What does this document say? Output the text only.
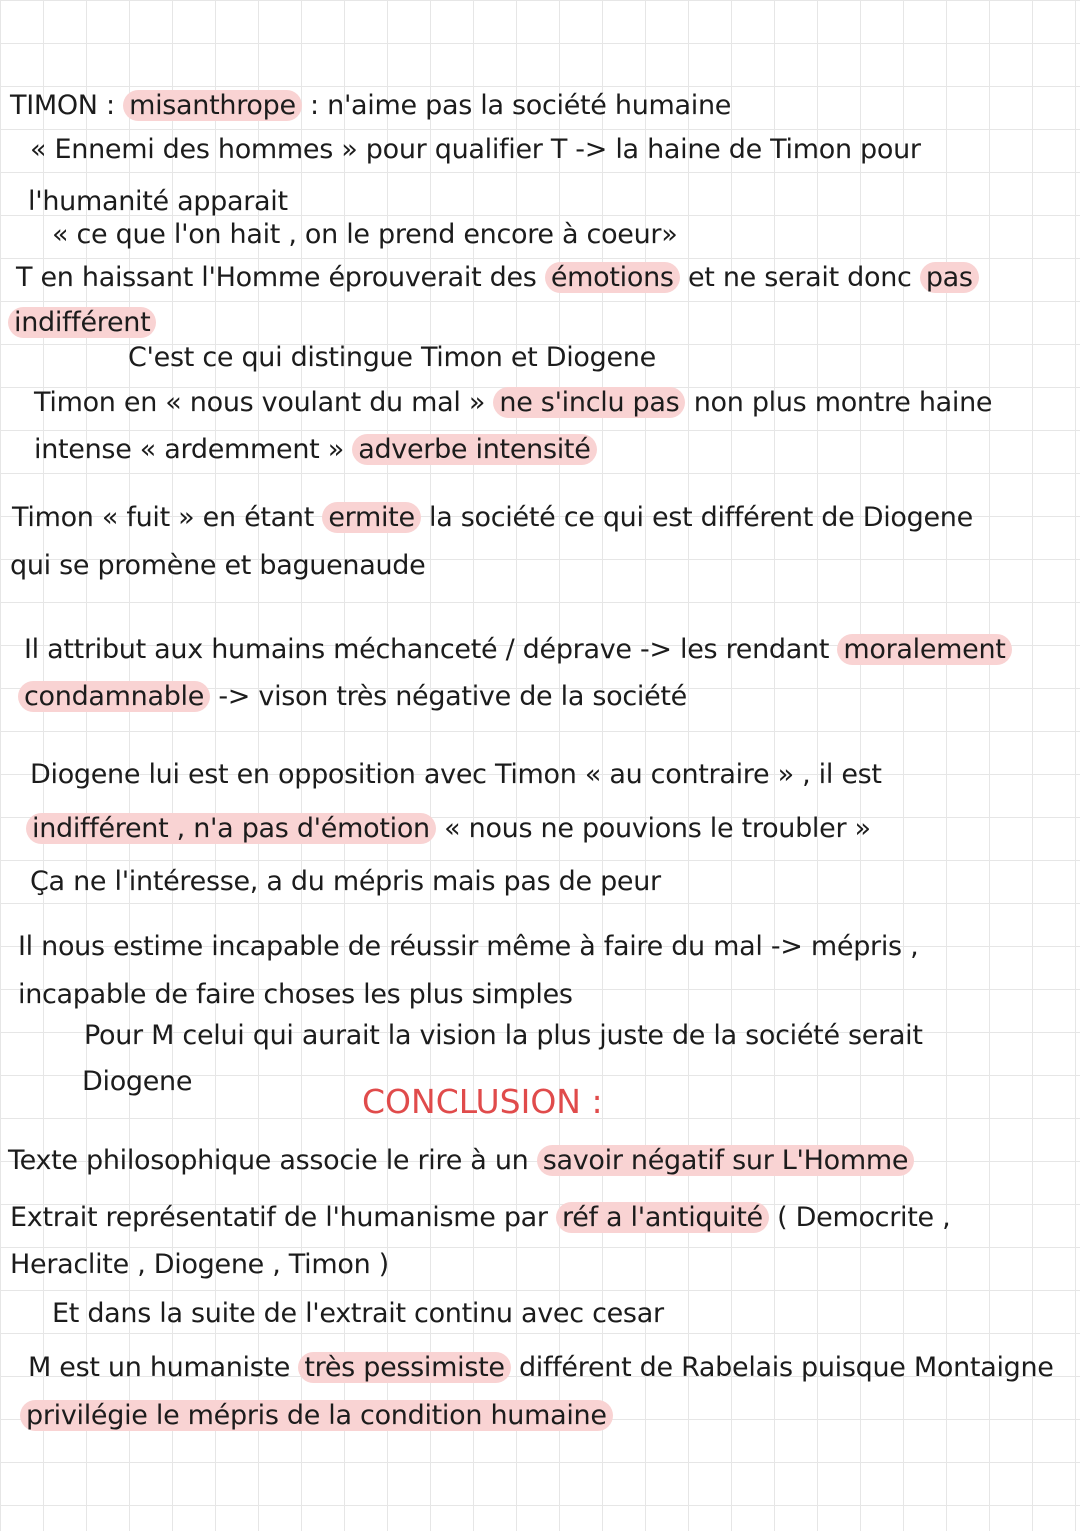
TIMON : misanthrope : n'aime pas la société humaine
« Ennemi des hommes » pour qualifier T -> la haine de Timon pour
l'humanité apparait
« ce que l'on hait , on le prend encore à coeur»
T en haissant l'Homme éprouverait des émotions et ne serait donc pas
indifférent
C'est ce qui distingue Timon et Diogene
Timon en « nous voulant du mal » ne s'inclu pas non plus montre haine
intense « ardemment » adverbe intensité
Timon « fuit » en étant ermite la société ce qui est différent de Diogene
qui se promène et baguenaude
Il attribut aux humains méchanceté / déprave -> les rendant moralement
condamnable -> vison très négative de la société
Diogene lui est en opposition avec Timon « au contraire » , il est
indifférent , n'a pas d'émotion « nous ne pouvions le troubler »
Ça ne l'intéresse, a du mépris mais pas de peur
Il nous estime incapable de réussir même à faire du mal -> mépris ,
incapable de faire choses les plus simples
Pour M celui qui aurait la vision la plus juste de la société serait
Diogene
CONCLUSION :
Texte philosophique associe le rire à un savoir négatif sur L'Homme
Extrait représentatif de l'humanisme par réf a l'antiquité ( Democrite ,
Heraclite , Diogene , Timon )
Et dans la suite de l'extrait continu avec cesar
M est un humaniste très pessimiste différent de Rabelais puisque Montaigne
privilégie le mépris de la condition humaine
